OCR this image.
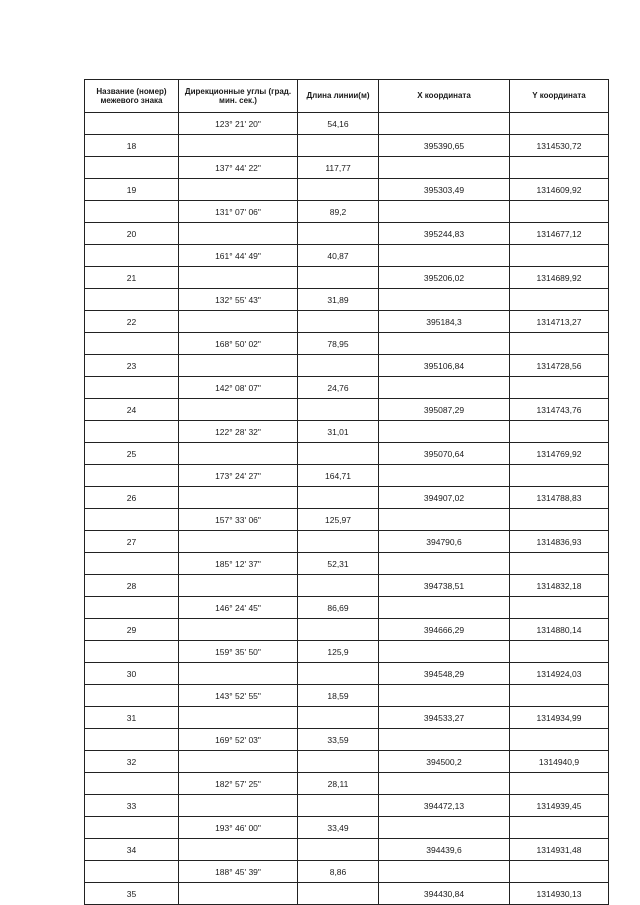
Название (номер) межевого знака	Дирекционные углы (град. мин. сек.)	Длина линии(м)	X координата	Y координата
	123° 21' 20"	54,16		
18			395390,65	1314530,72
	137° 44' 22"	117,77		
19			395303,49	1314609,92
	131° 07' 06"	89,2		
20			395244,83	1314677,12
	161° 44' 49"	40,87		
21			395206,02	1314689,92
	132° 55' 43"	31,89		
22			395184,3	1314713,27
	168° 50' 02"	78,95		
23			395106,84	1314728,56
	142° 08' 07"	24,76		
24			395087,29	1314743,76
	122° 28' 32"	31,01		
25			395070,64	1314769,92
	173° 24' 27"	164,71		
26			394907,02	1314788,83
	157° 33' 06"	125,97		
27			394790,6	1314836,93
	185° 12' 37"	52,31		
28			394738,51	1314832,18
	146° 24' 45"	86,69		
29			394666,29	1314880,14
	159° 35' 50"	125,9		
30			394548,29	1314924,03
	143° 52' 55"	18,59		
31			394533,27	1314934,99
	169° 52' 03"	33,59		
32			394500,2	1314940,9
	182° 57' 25"	28,11		
33			394472,13	1314939,45
	193° 46' 00"	33,49		
34			394439,6	1314931,48
	188° 45' 39"	8,86		
35			394430,84	1314930,13
